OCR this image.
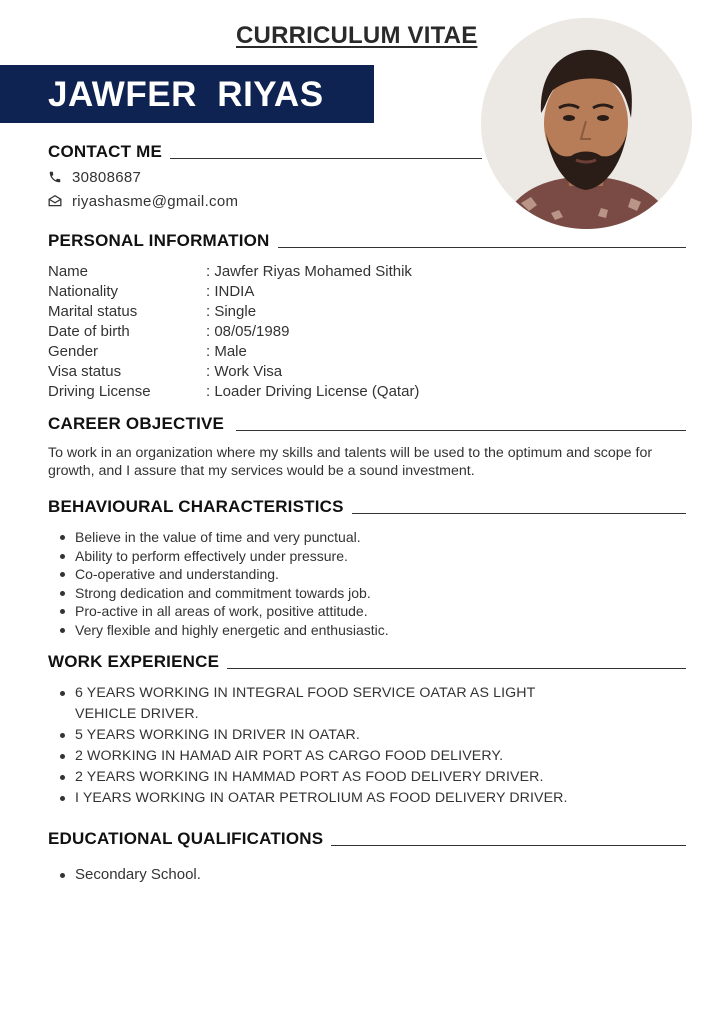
CURRICULUM VITAE
JAWFER  RIYAS
CONTACT ME
30808687
riyashasme@gmail.com
PERSONAL INFORMATION
Name	: Jawfer Riyas Mohamed Sithik
Nationality	: INDIA
Marital status	: Single
Date of birth	: 08/05/1989
Gender	: Male
Visa status	: Work Visa
Driving License	: Loader Driving License (Qatar)
CAREER OBJECTIVE

To work in an organization where my skills and talents will be used to the optimum and scope for growth, and I assure that my services would be a sound investment.

BEHAVIOURAL CHARACTERISTICS
Believe in the value of time and very punctual.
Ability to perform effectively under pressure.
Co-operative and understanding.
Strong dedication and commitment towards job.
Pro-active in all areas of work, positive attitude.
Very flexible and highly energetic and enthusiastic.
WORK EXPERIENCE
6 YEARS WORKING IN INTEGRAL FOOD SERVICE OATAR AS LIGHT VEHICLE DRIVER.
5 YEARS WORKING IN DRIVER IN OATAR.
2 WORKING IN HAMAD AIR PORT AS CARGO FOOD DELIVERY.
2 YEARS WORKING IN HAMMAD PORT AS FOOD DELIVERY DRIVER.
I YEARS WORKING IN OATAR PETROLIUM AS FOOD DELIVERY DRIVER.
EDUCATIONAL QUALIFICATIONS
Secondary School.
